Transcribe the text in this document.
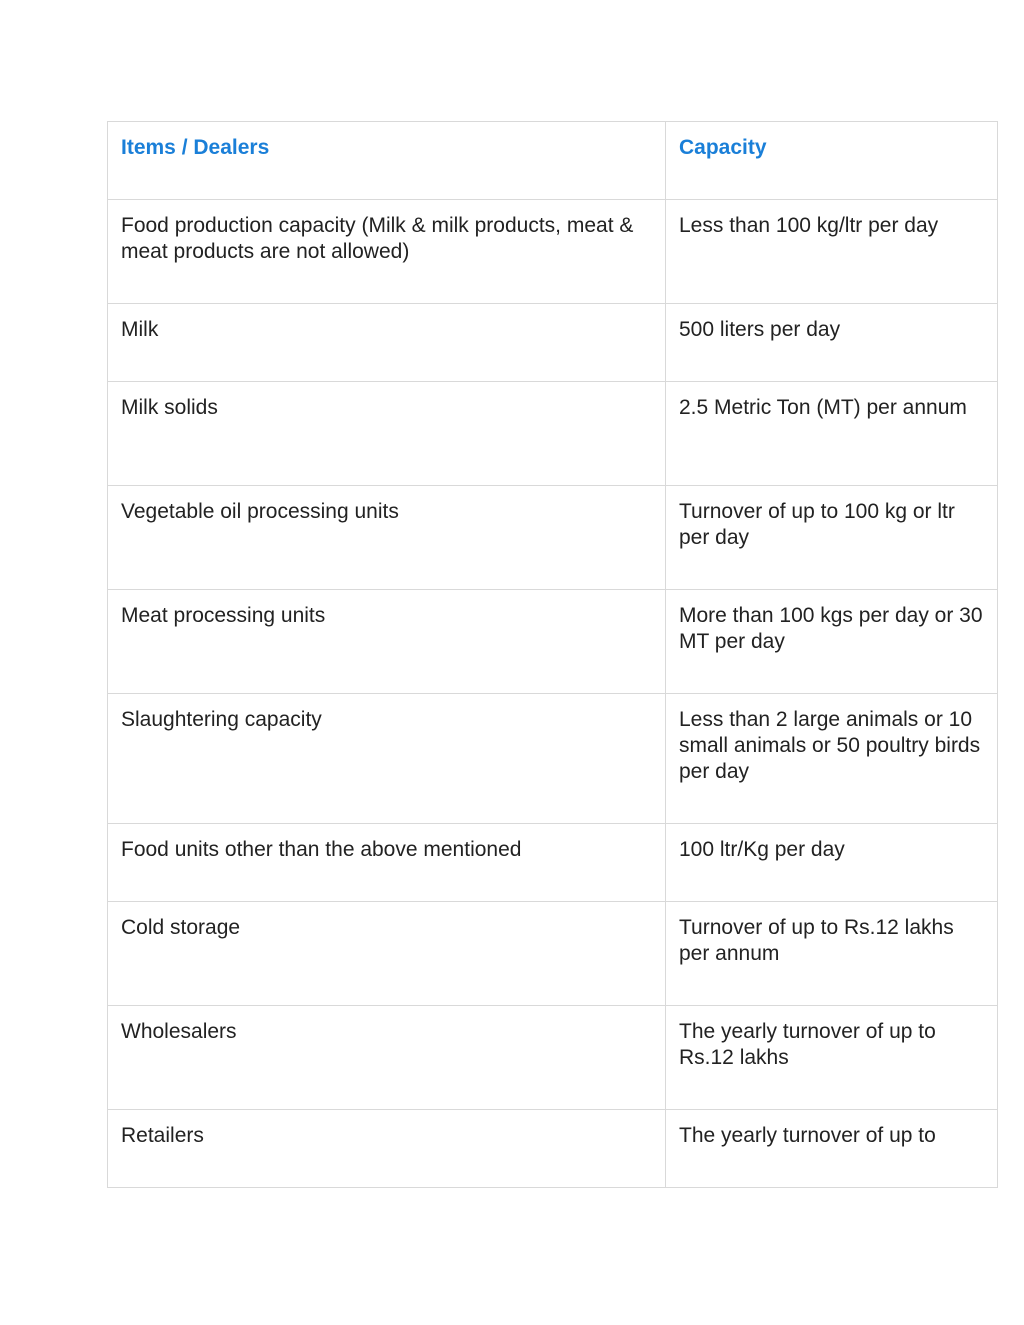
Items / Dealers	Capacity
Food production capacity (Milk & milk products, meat & meat products are not allowed)	Less than 100 kg/ltr per day
Milk	500 liters per day
Milk solids	2.5 Metric Ton (MT) per annum
Vegetable oil processing units	Turnover of up to 100 kg or ltr per day
Meat processing units	More than 100 kgs per day or 30 MT per day
Slaughtering capacity	Less than 2 large animals or 10 small animals or 50 poultry birds per day
Food units other than the above mentioned	100 ltr/Kg per day
Cold storage	Turnover of up to Rs.12 lakhs per annum
Wholesalers	The yearly turnover of up to Rs.12 lakhs
Retailers	The yearly turnover of up to
